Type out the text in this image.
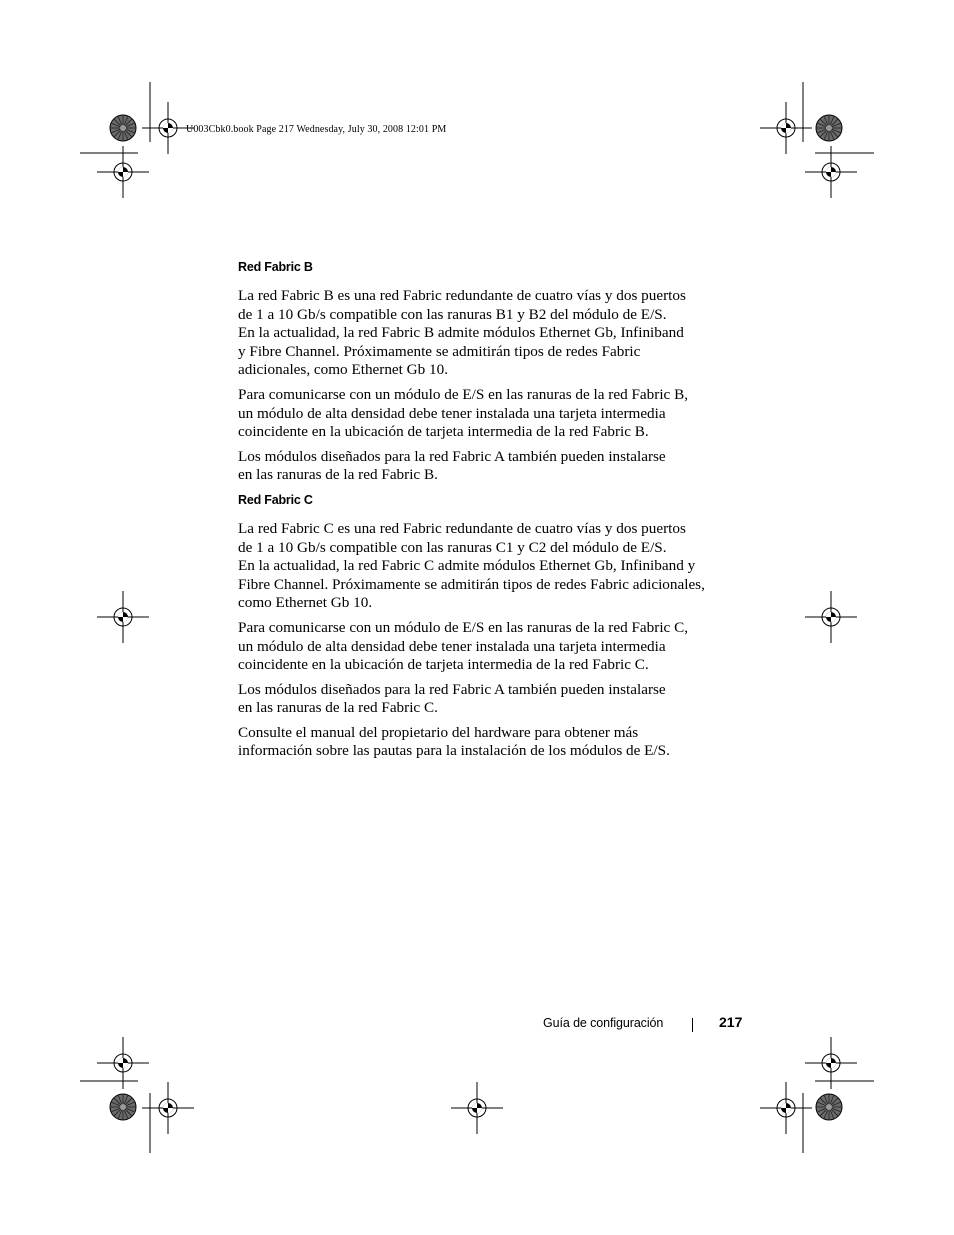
U003Cbk0.book Page 217 Wednesday, July 30, 2008 12:01 PM
Red Fabric B

La red Fabric B es una red Fabric redundante de cuatro vías y dos puertos
de 1 a 10 Gb/s compatible con las ranuras B1 y B2 del módulo de E/S.
En la actualidad, la red Fabric B admite módulos Ethernet Gb, Infiniband
y Fibre Channel. Próximamente se admitirán tipos de redes Fabric
adicionales, como Ethernet Gb 10.

Para comunicarse con un módulo de E/S en las ranuras de la red Fabric B,
un módulo de alta densidad debe tener instalada una tarjeta intermedia
coincidente en la ubicación de tarjeta intermedia de la red Fabric B.

Los módulos diseñados para la red Fabric A también pueden instalarse
en las ranuras de la red Fabric B.

Red Fabric C

La red Fabric C es una red Fabric redundante de cuatro vías y dos puertos
de 1 a 10 Gb/s compatible con las ranuras C1 y C2 del módulo de E/S.
En la actualidad, la red Fabric C admite módulos Ethernet Gb, Infiniband y
Fibre Channel. Próximamente se admitirán tipos de redes Fabric adicionales,
como Ethernet Gb 10.

Para comunicarse con un módulo de E/S en las ranuras de la red Fabric C,
un módulo de alta densidad debe tener instalada una tarjeta intermedia
coincidente en la ubicación de tarjeta intermedia de la red Fabric C.

Los módulos diseñados para la red Fabric A también pueden instalarse
en las ranuras de la red Fabric C.

Consulte el manual del propietario del hardware para obtener más
información sobre las pautas para la instalación de los módulos de E/S.

Guía de configuración	217
